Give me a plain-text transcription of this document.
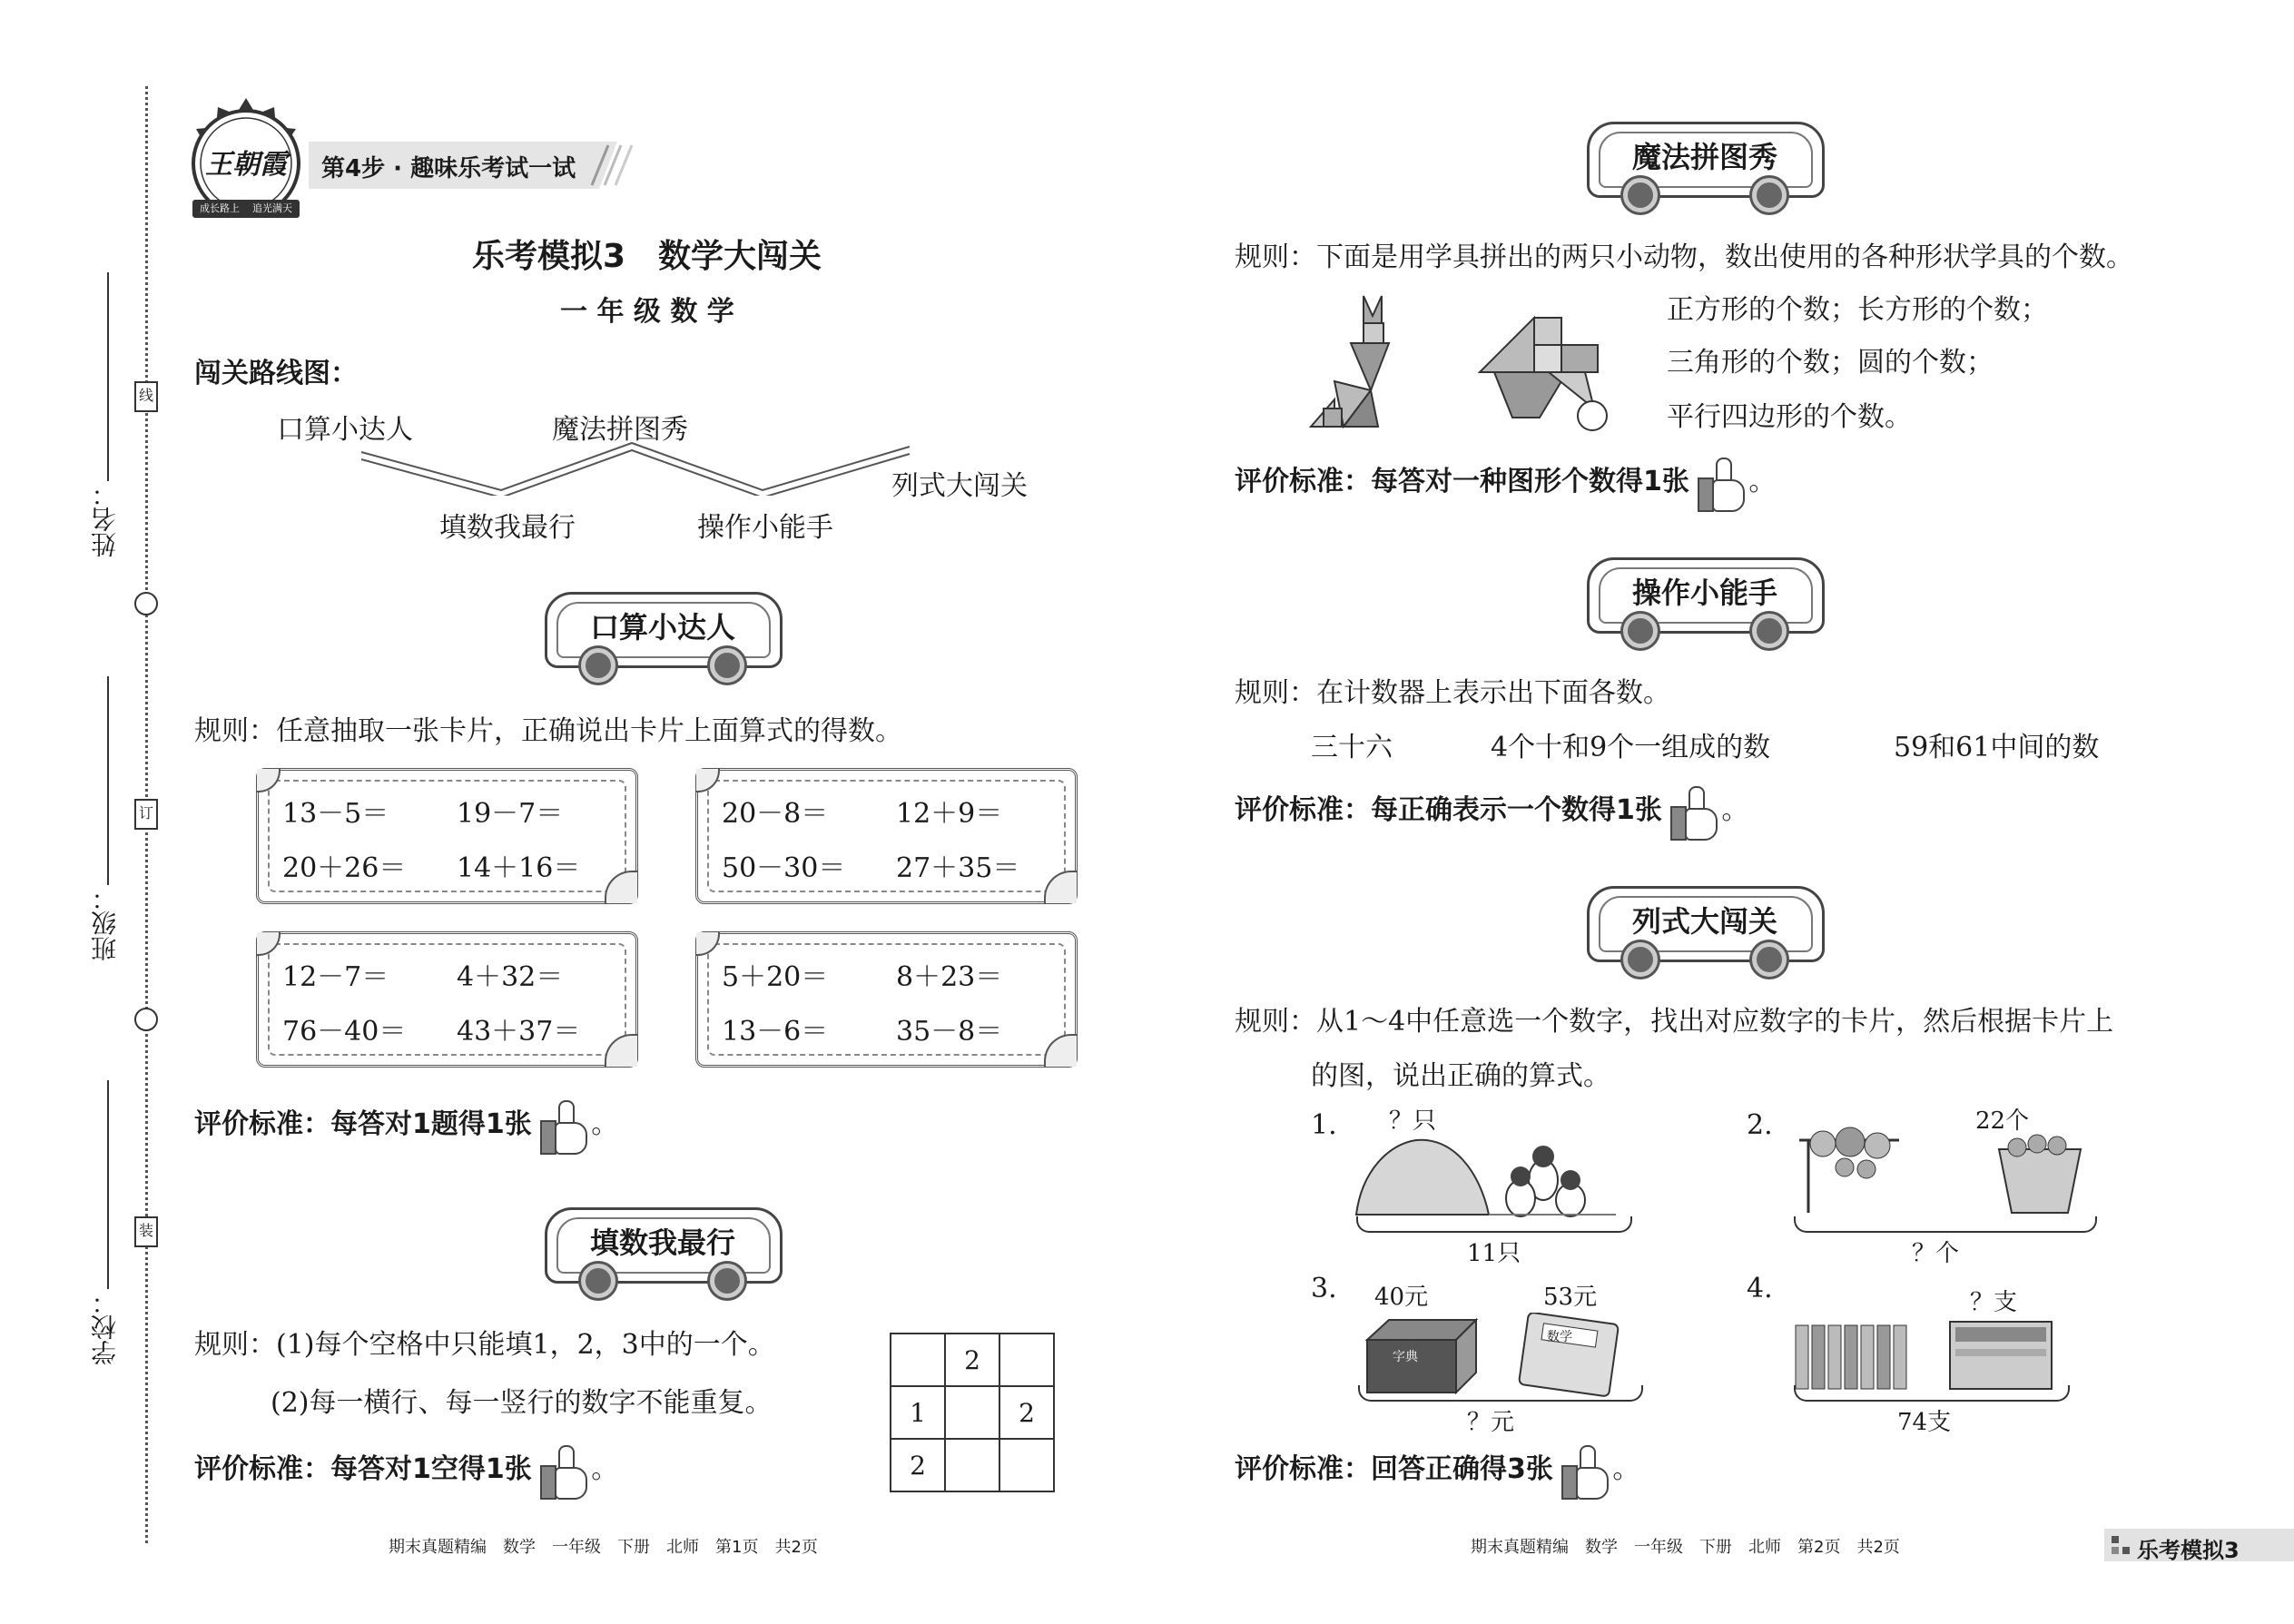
姓名：
班级：
学校：
线
订
装
王朝霞
成长路上	追光满天
第4步 · 趣味乐考试一试
乐考模拟3　数学大闯关
一 年 级 数 学
闯关路线图：
口算小达人	魔法拼图秀
填数我最行	操作小能手
列式大闯关
口算小达人
规则：任意抽取一张卡片，正确说出卡片上面算式的得数。
13－5＝ 19－7＝
20＋26＝ 14＋16＝
20－8＝ 12＋9＝
50－30＝ 27＋35＝
12－7＝ 4＋32＝
76－40＝ 43＋37＝
5＋20＝ 8＋23＝
13－6＝ 35－8＝
评价标准：每答对1题得1张 。
填数我最行
规则：(1)每个空格中只能填1，2，3中的一个。
(2)每一横行、每一竖行的数字不能重复。
	2	
1		2
2		
评价标准：每答对1空得1张 。
期末真题精编　数学　一年级　下册　北师　第1页　共2页
魔法拼图秀
规则：下面是用学具拼出的两只小动物，数出使用的各种形状学具的个数。
正方形的个数；长方形的个数；
三角形的个数；圆的个数；
平行四边形的个数。
评价标准：每答对一种图形个数得1张 。
操作小能手
规则：在计数器上表示出下面各数。
三十六	4个十和9个一组成的数	59和61中间的数
评价标准：每正确表示一个数得1张 。
列式大闯关
规则：从1～4中任意选一个数字，找出对应数字的卡片，然后根据卡片上
的图，说出正确的算式。
1. ？只
11只
2.	22个
？个
3. 40元	53元
字典
数学
？元
4.	？支
74支
评价标准：回答正确得3张 。
期末真题精编　数学　一年级　下册　北师　第2页　共2页	乐考模拟3
